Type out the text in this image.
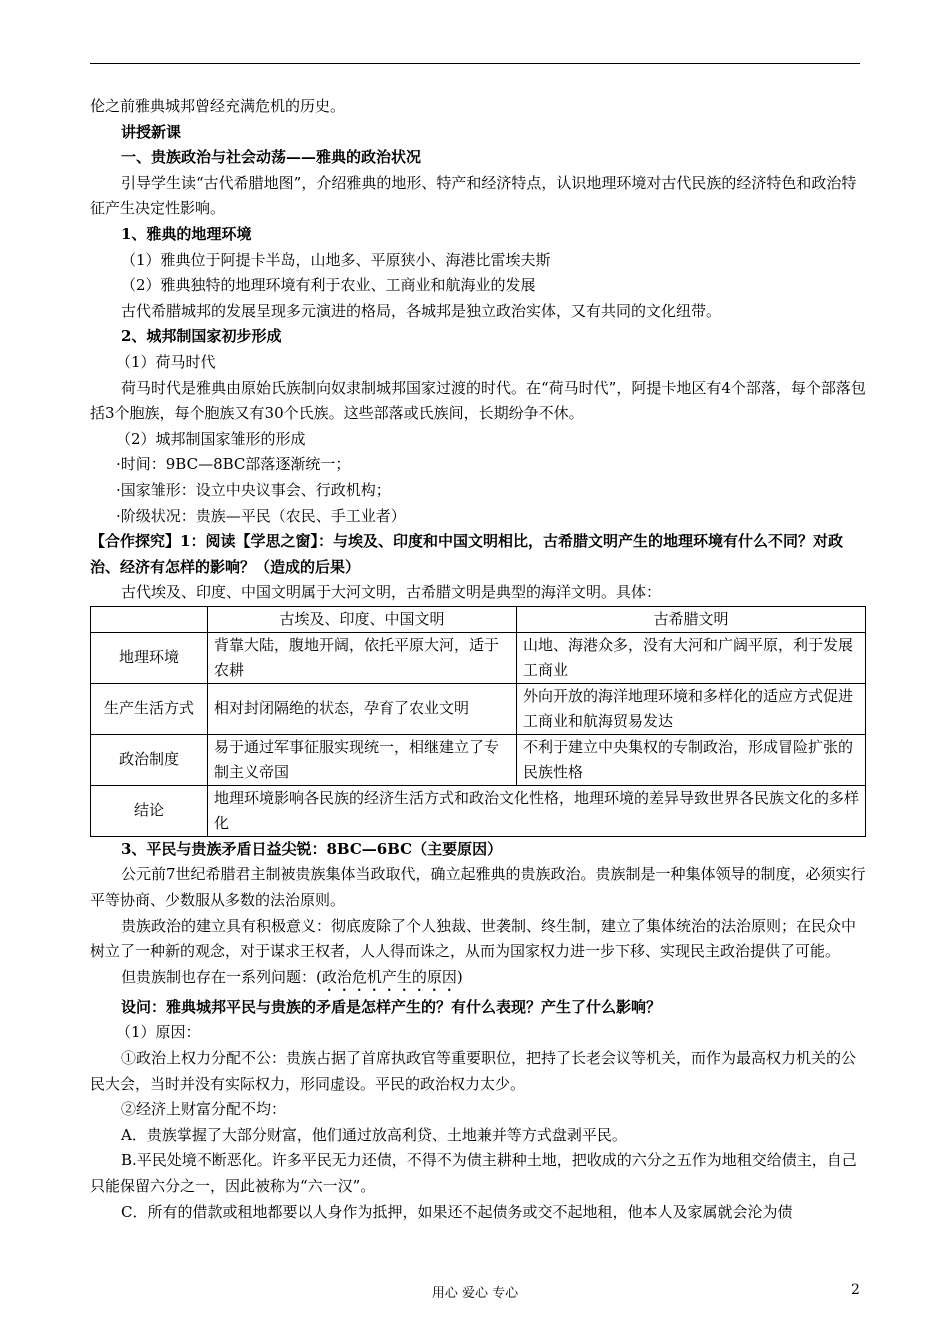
伦之前雅典城邦曾经充满危机的历史。

讲授新课

一、贵族政治与社会动荡——雅典的政治状况

引导学生读“古代希腊地图”，介绍雅典的地形、特产和经济特点，认识地理环境对古代民族的经济特色和政治特征产生决定性影响。

1、雅典的地理环境

（1）雅典位于阿提卡半岛，山地多、平原狭小、海港比雷埃夫斯

（2）雅典独特的地理环境有利于农业、工商业和航海业的发展

古代希腊城邦的发展呈现多元演进的格局，各城邦是独立政治实体，又有共同的文化纽带。

2、城邦制国家初步形成

（1）荷马时代

荷马时代是雅典由原始氏族制向奴隶制城邦国家过渡的时代。在“荷马时代”，阿提卡地区有4个部落，每个部落包括3个胞族，每个胞族又有30个氏族。这些部落或氏族间，长期纷争不休。

（2）城邦制国家雏形的形成

·时间：9BC—8BC部落逐渐统一；

·国家雏形：设立中央议事会、行政机构；

·阶级状况：贵族—平民（农民、手工业者）

【合作探究】1：阅读【学思之窗】：与埃及、印度和中国文明相比，古希腊文明产生的地理环境有什么不同？对政治、经济有怎样的影响？（造成的后果）

古代埃及、印度、中国文明属于大河文明，古希腊文明是典型的海洋文明。具体：

	古埃及、印度、中国文明	古希腊文明
地理环境	背靠大陆，腹地开阔，依托平原大河，适于农耕	山地、海港众多，没有大河和广阔平原，利于发展工商业
生产生活方式	相对封闭隔绝的状态，孕育了农业文明	外向开放的海洋地理环境和多样化的适应方式促进工商业和航海贸易发达
政治制度	易于通过军事征服实现统一，相继建立了专制主义帝国	不利于建立中央集权的专制政治，形成冒险扩张的民族性格
结论	地理环境影响各民族的经济生活方式和政治文化性格，地理环境的差异导致世界各民族文化的多样化	

3、平民与贵族矛盾日益尖锐：8BC—6BC（主要原因）

公元前7世纪希腊君主制被贵族集体当政取代，确立起雅典的贵族政治。贵族制是一种集体领导的制度，必须实行平等协商、少数服从多数的法治原则。

贵族政治的建立具有积极意义：彻底废除了个人独裁、世袭制、终生制，建立了集体统治的法治原则；在民众中树立了一种新的观念，对于谋求王权者，人人得而诛之，从而为国家权力进一步下移、实现民主政治提供了可能。

但贵族制也存在一系列问题：(政治危机产生的原因)

设问：雅典城邦平民与贵族的矛盾是怎样产生的？有什么表现？产生了什么影响？

（1）原因：

①政治上权力分配不公：贵族占据了首席执政官等重要职位，把持了长老会议等机关，而作为最高权力机关的公民大会，当时并没有实际权力，形同虚设。平民的政治权力太少。

②经济上财富分配不均：

A．贵族掌握了大部分财富，他们通过放高利贷、土地兼并等方式盘剥平民。

B.平民处境不断恶化。许多平民无力还债，不得不为债主耕种土地，把收成的六分之五作为地租交给债主，自己只能保留六分之一，因此被称为“六一汉”。

C．所有的借款或租地都要以人身作为抵押，如果还不起债务或交不起地租，他本人及家属就会沦为债

用心 爱心 专心	2
